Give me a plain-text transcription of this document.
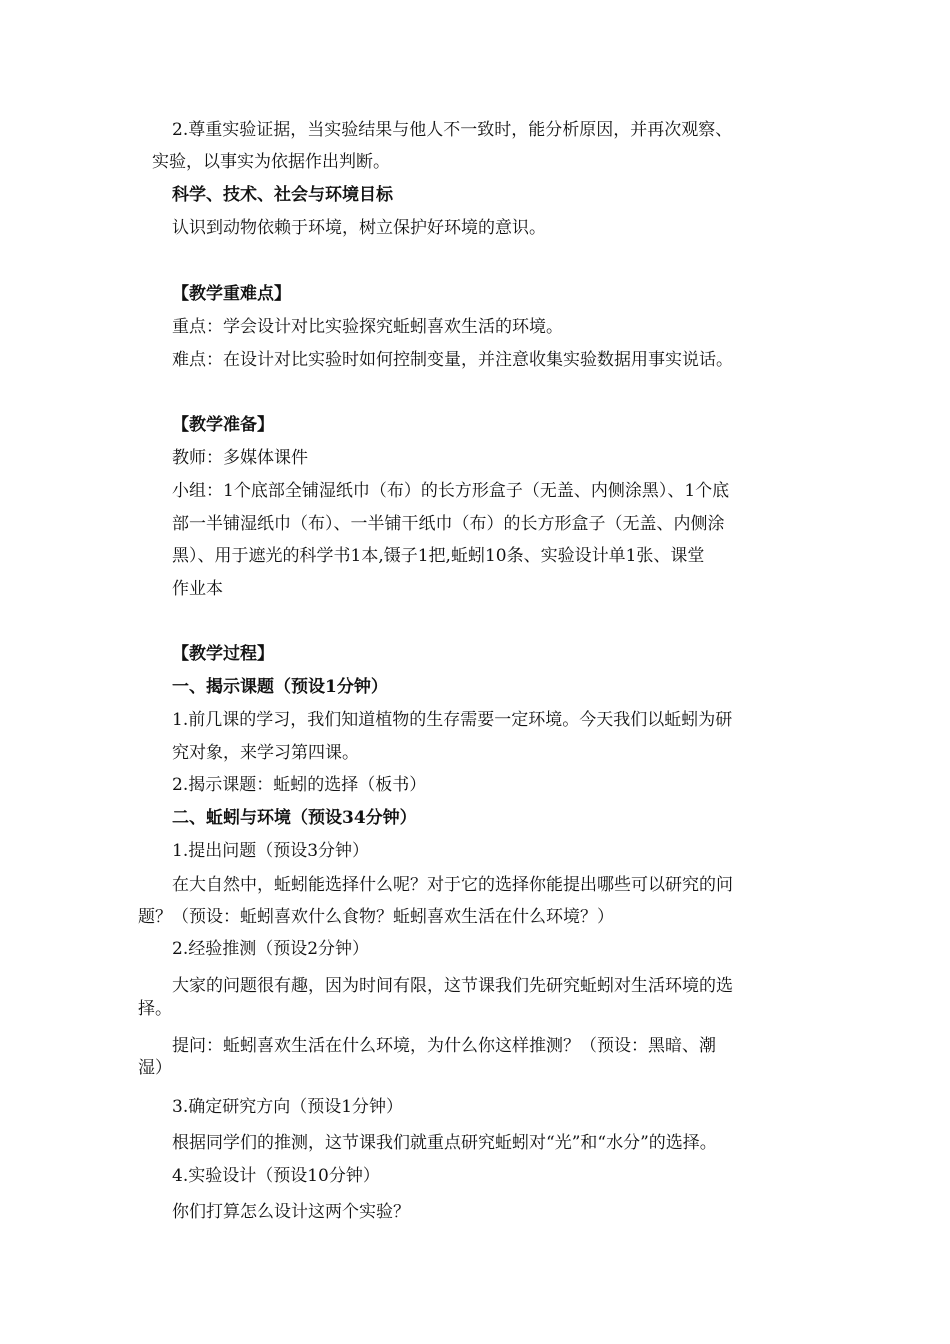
2.尊重实验证据，当实验结果与他人不一致时，能分析原因，并再次观察、
实验，以事实为依据作出判断。
科学、技术、社会与环境目标
认识到动物依赖于环境，树立保护好环境的意识。
【教学重难点】
重点：学会设计对比实验探究蚯蚓喜欢生活的环境。
难点：在设计对比实验时如何控制变量，并注意收集实验数据用事实说话。
【教学准备】
教师：多媒体课件
小组：1个底部全铺湿纸巾（布）的长方形盒子（无盖、内侧涂黑）、1个底
部一半铺湿纸巾（布）、一半铺干纸巾（布）的长方形盒子（无盖、内侧涂
黑）、用于遮光的科学书1本,镊子1把,蚯蚓10条、实验设计单1张、课堂
作业本
【教学过程】
一、揭示课题（预设1分钟）
1.前几课的学习，我们知道植物的生存需要一定环境。今天我们以蚯蚓为研
究对象，来学习第四课。
2.揭示课题：蚯蚓的选择（板书）
二、蚯蚓与环境（预设34分钟）
1.提出问题（预设3分钟）
在大自然中，蚯蚓能选择什么呢？对于它的选择你能提出哪些可以研究的问
题？（预设：蚯蚓喜欢什么食物？蚯蚓喜欢生活在什么环境？）
2.经验推测（预设2分钟）
大家的问题很有趣，因为时间有限，这节课我们先研究蚯蚓对生活环境的选
择。
提问：蚯蚓喜欢生活在什么环境，为什么你这样推测？（预设：黑暗、潮
湿）
3.确定研究方向（预设1分钟）
根据同学们的推测，这节课我们就重点研究蚯蚓对“光”和“水分”的选择。
4.实验设计（预设10分钟）
你们打算怎么设计这两个实验？
